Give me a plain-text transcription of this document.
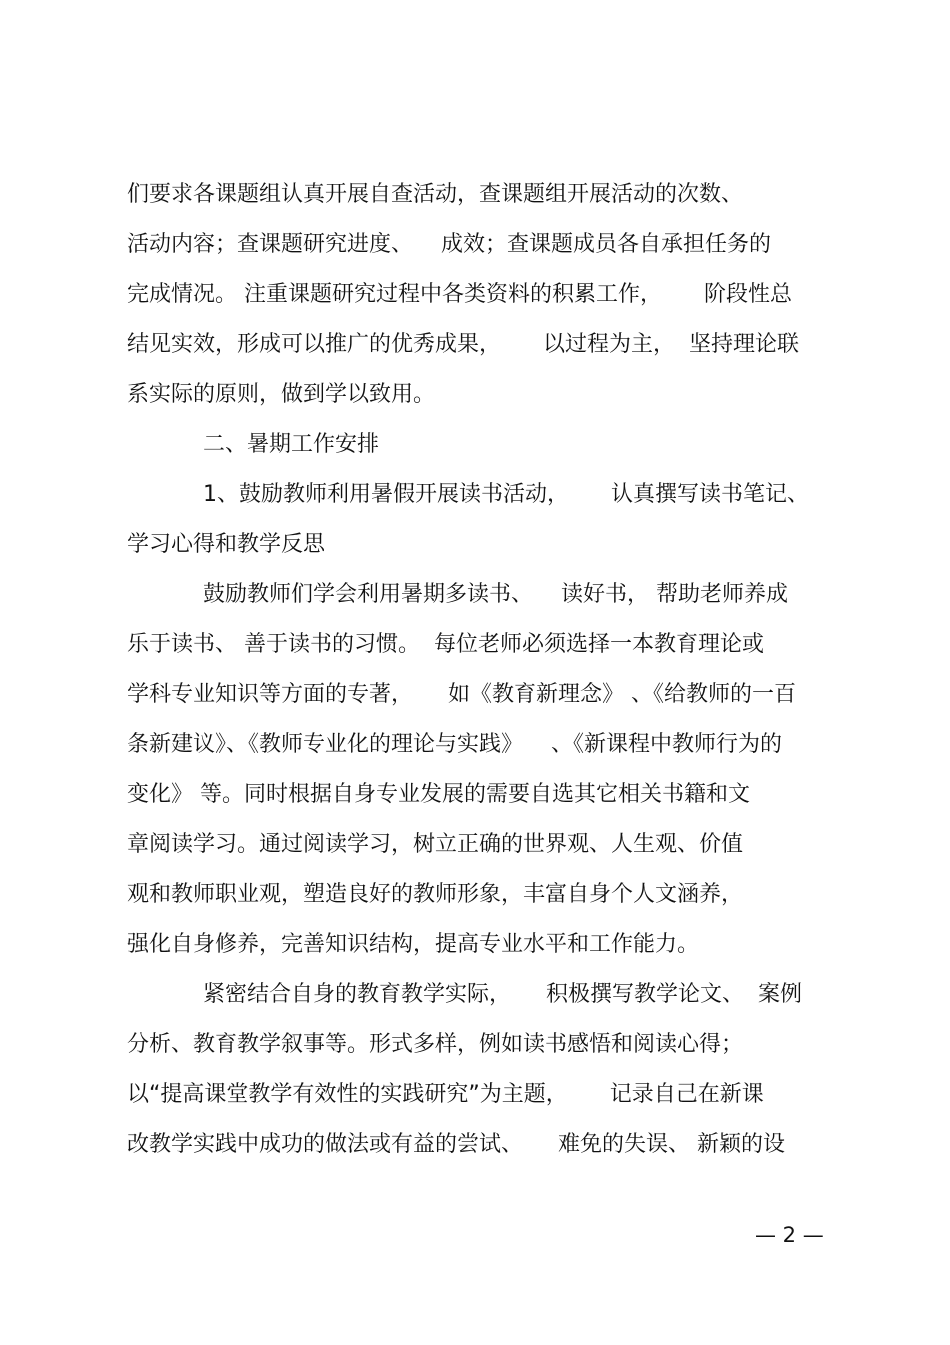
们要求各课题组认真开展自查活动，查课题组开展活动的次数、

活动内容；查课题研究进度、    成效；查课题成员各自承担任务的

完成情况。 注重课题研究过程中各类资料的积累工作，      阶段性总

结见实效，形成可以推广的优秀成果，      以过程为主，  坚持理论联

系实际的原则，做到学以致用。

二、暑期工作安排

1、鼓励教师利用暑假开展读书活动，      认真撰写读书笔记、

学习心得和教学反思

鼓励教师们学会利用暑期多读书、    读好书， 帮助老师养成

乐于读书、 善于读书的习惯。  每位老师必须选择一本教育理论或

学科专业知识等方面的专著，     如《教育新理念》 、《给教师的一百

条新建议》、《教师专业化的理论与实践》    、《新课程中教师行为的

变化》 等。同时根据自身专业发展的需要自选其它相关书籍和文

章阅读学习。通过阅读学习，树立正确的世界观、人生观、价值

观和教师职业观，塑造良好的教师形象，丰富自身个人文涵养，

强化自身修养，完善知识结构，提高专业水平和工作能力。

紧密结合自身的教育教学实际，     积极撰写教学论文、  案例

分析、教育教学叙事等。形式多样，例如读书感悟和阅读心得；

以“提高课堂教学有效性的实践研究”为主题，      记录自己在新课

改教学实践中成功的做法或有益的尝试、     难免的失误、 新颖的设

— 2 —
